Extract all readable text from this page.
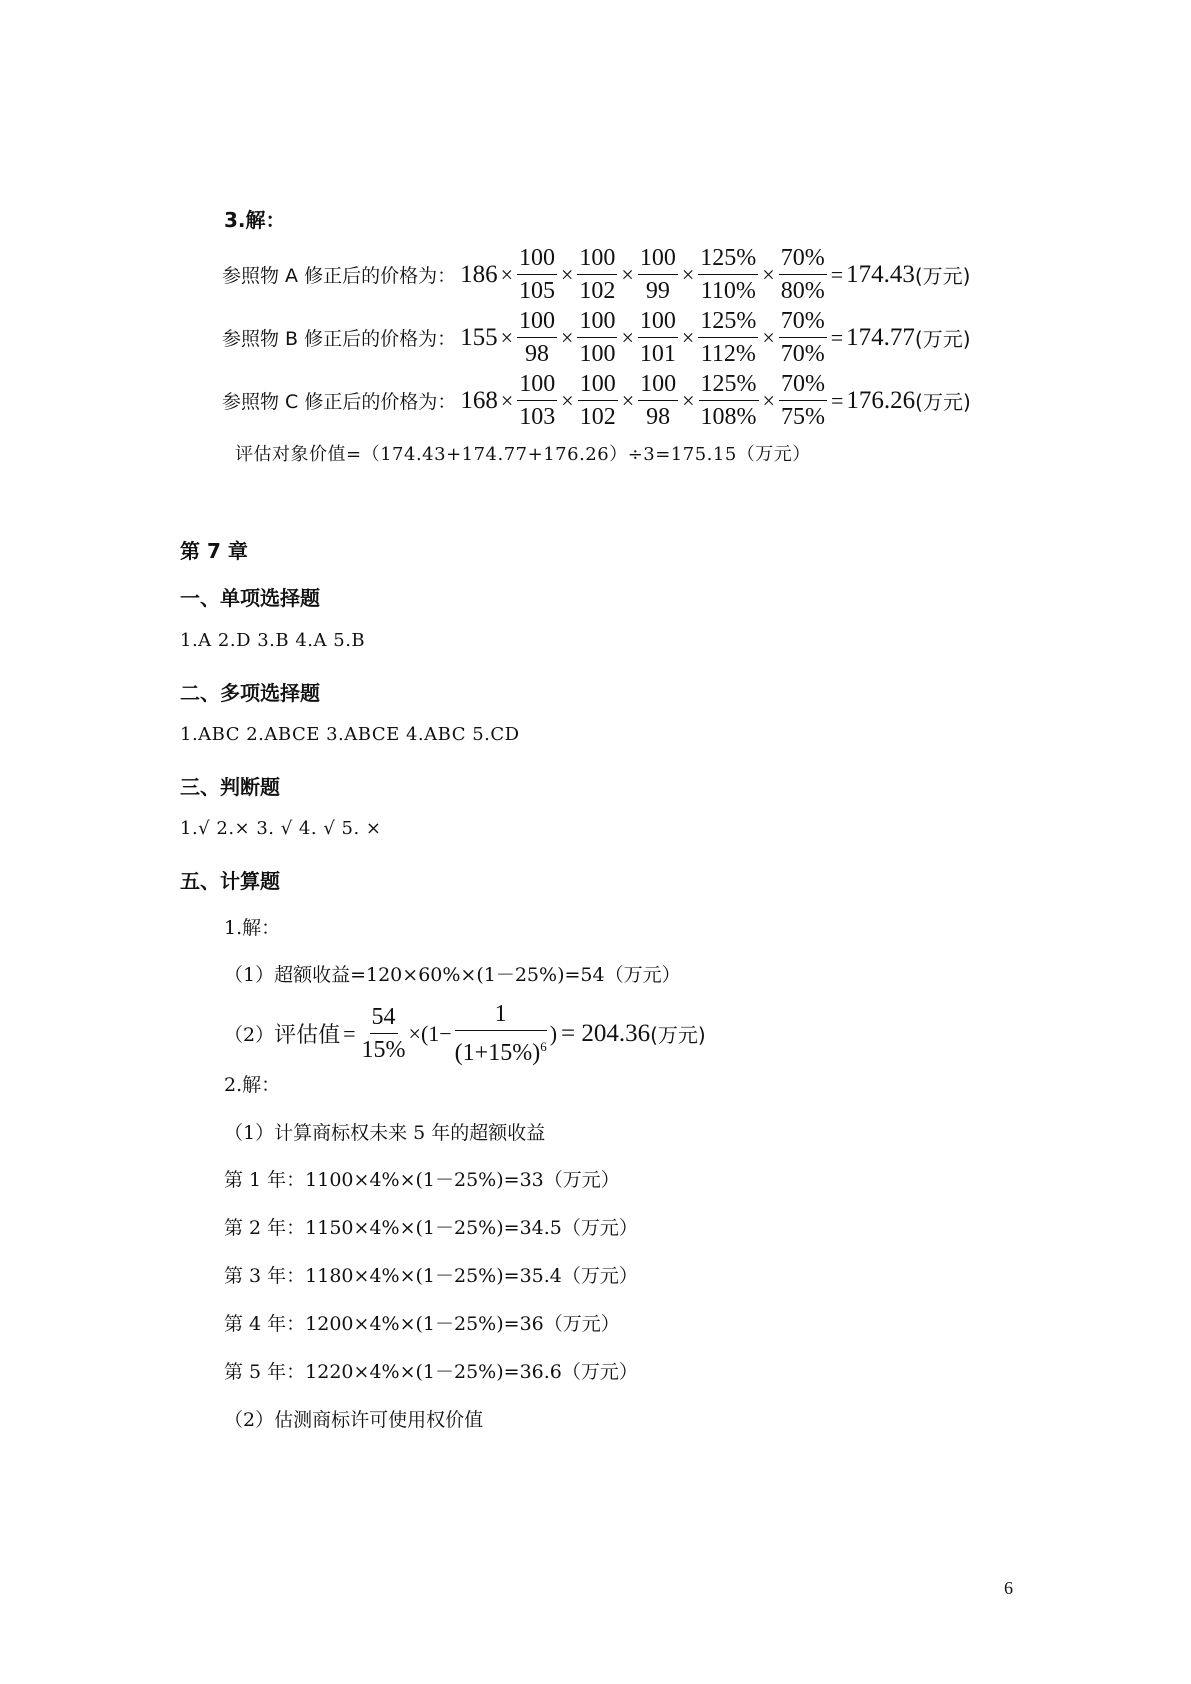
3.解：
参照物 A 修正后的价格为： $186 \times \frac{100}{105} \times \frac{100}{102} \times \frac{100}{99} \times \frac{125\%}{110\%} \times \frac{70\%}{80\%} = 174.43$ (万元)
参照物 B 修正后的价格为： $155 \times \frac{100}{98} \times \frac{100}{100} \times \frac{100}{101} \times \frac{125\%}{112\%} \times \frac{70\%}{70\%} = 174.77$ (万元)
参照物 C 修正后的价格为： $168 \times \frac{100}{103} \times \frac{100}{102} \times \frac{100}{98} \times \frac{125\%}{108\%} \times \frac{70\%}{75\%} = 176.26$ (万元)
评估对象价值=（174.43+174.77+176.26）÷3=175.15（万元）
第 7 章
一、单项选择题
1.A 2.D 3.B 4.A 5.B
二、多项选择题
1.ABC 2.ABCE 3.ABCE 4.ABC 5.CD
三、判断题
1.√ 2.× 3. √ 4. √ 5. ×
五、计算题
1.解：
（1）超额收益=120×60%×(1－25%)=54（万元）
（2） 评估值 = $\frac{54}{15\%} \times(1- \frac{1}{(1+15\%)^6}$ ) = 204.36 (万元)
2.解：
（1）计算商标权未来 5 年的超额收益
第 1 年：1100×4%×(1－25%)=33（万元）
第 2 年：1150×4%×(1－25%)=34.5（万元）
第 3 年：1180×4%×(1－25%)=35.4（万元）
第 4 年：1200×4%×(1－25%)=36（万元）
第 5 年：1220×4%×(1－25%)=36.6（万元）
（2）估测商标许可使用权价值
6
